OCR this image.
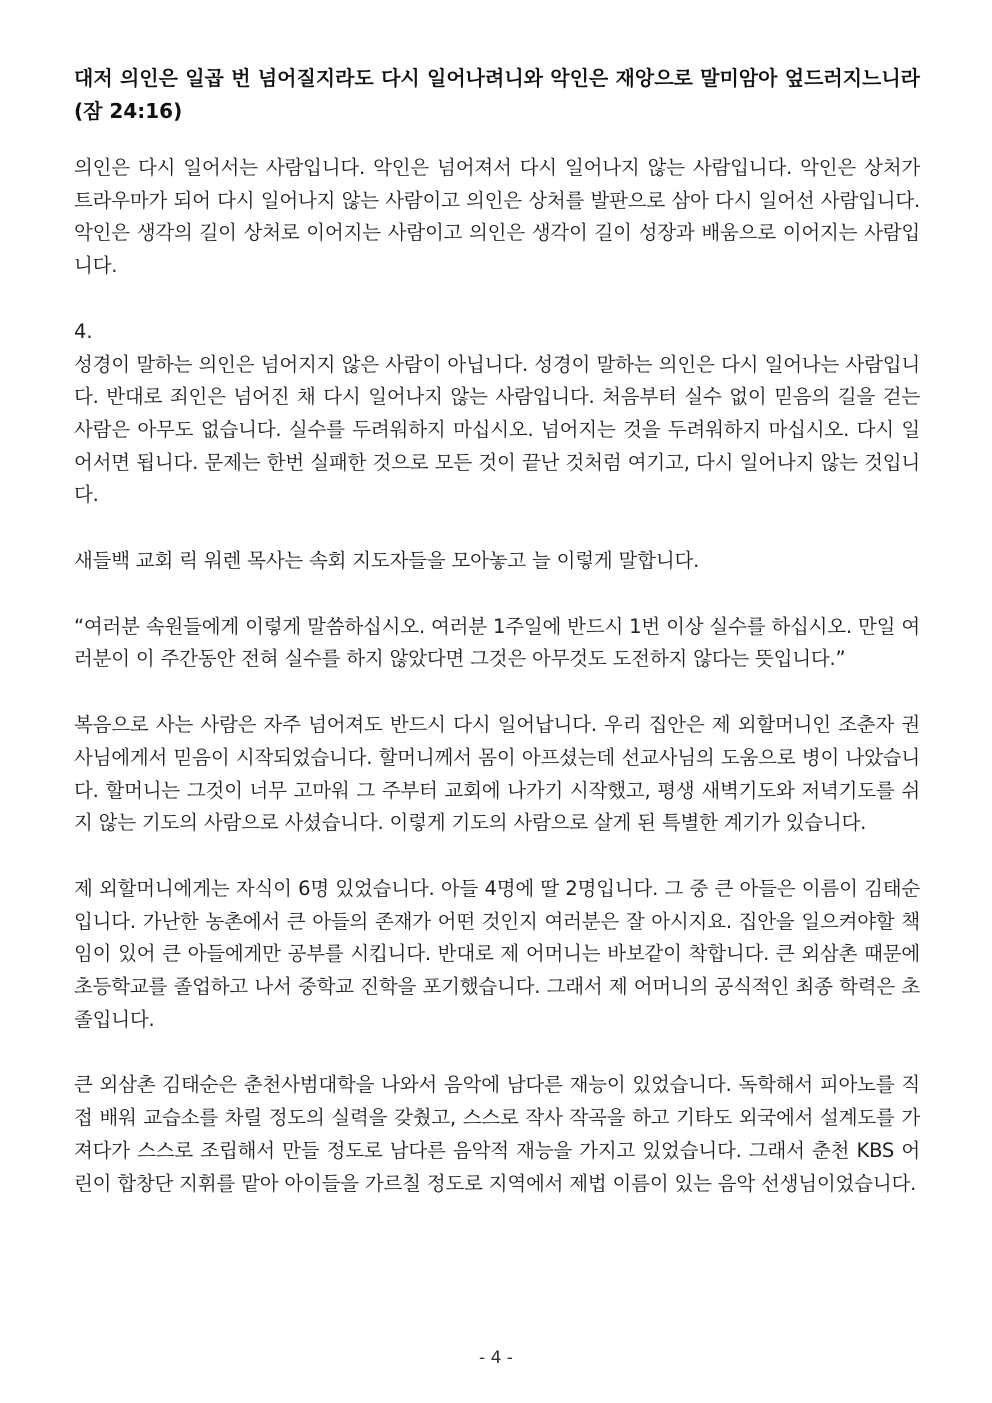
대저 의인은 일곱 번 넘어질지라도 다시 일어나려니와 악인은 재앙으로 말미암아 엎드러지느니라 (잠 24:16)

의인은 다시 일어서는 사람입니다. 악인은 넘어져서 다시 일어나지 않는 사람입니다. 악인은 상처가 트라우마가 되어 다시 일어나지 않는 사람이고 의인은 상처를 발판으로 삼아 다시 일어선 사람입니다. 악인은 생각의 길이 상처로 이어지는 사람이고 의인은 생각이 길이 성장과 배움으로 이어지는 사람입니다.

4.

성경이 말하는 의인은 넘어지지 않은 사람이 아닙니다. 성경이 말하는 의인은 다시 일어나는 사람입니다. 반대로 죄인은 넘어진 채 다시 일어나지 않는 사람입니다. 처음부터 실수 없이 믿음의 길을 걷는 사람은 아무도 없습니다. 실수를 두려워하지 마십시오. 넘어지는 것을 두려워하지 마십시오. 다시 일어서면 됩니다. 문제는 한번 실패한 것으로 모든 것이 끝난 것처럼 여기고, 다시 일어나지 않는 것입니다.

새들백 교회 릭 워렌 목사는 속회 지도자들을 모아놓고 늘 이렇게 말합니다.

“여러분 속원들에게 이렇게 말씀하십시오. 여러분 1주일에 반드시 1번 이상 실수를 하십시오. 만일 여러분이 이 주간동안 전혀 실수를 하지 않았다면 그것은 아무것도 도전하지 않다는 뜻입니다.”

복음으로 사는 사람은 자주 넘어져도 반드시 다시 일어납니다. 우리 집안은 제 외할머니인 조춘자 권사님에게서 믿음이 시작되었습니다. 할머니께서 몸이 아프셨는데 선교사님의 도움으로 병이 나았습니다. 할머니는 그것이 너무 고마워 그 주부터 교회에 나가기 시작했고, 평생 새벽기도와 저녁기도를 쉬지 않는 기도의 사람으로 사셨습니다. 이렇게 기도의 사람으로 살게 된 특별한 계기가 있습니다.

제 외할머니에게는 자식이 6명 있었습니다. 아들 4명에 딸 2명입니다. 그 중 큰 아들은 이름이 김태순입니다. 가난한 농촌에서 큰 아들의 존재가 어떤 것인지 여러분은 잘 아시지요. 집안을 일으켜야할 책임이 있어 큰 아들에게만 공부를 시킵니다. 반대로 제 어머니는 바보같이 착합니다. 큰 외삼촌 때문에 초등학교를 졸업하고 나서 중학교 진학을 포기했습니다. 그래서 제 어머니의 공식적인 최종 학력은 초졸입니다.

큰 외삼촌 김태순은 춘천사범대학을 나와서 음악에 남다른 재능이 있었습니다. 독학해서 피아노를 직접 배워 교습소를 차릴 정도의 실력을 갖췄고, 스스로 작사 작곡을 하고 기타도 외국에서 설계도를 가져다가 스스로 조립해서 만들 정도로 남다른 음악적 재능을 가지고 있었습니다. 그래서 춘천 KBS 어린이 합창단 지휘를 맡아 아이들을 가르칠 정도로 지역에서 제법 이름이 있는 음악 선생님이었습니다.

- 4 -
